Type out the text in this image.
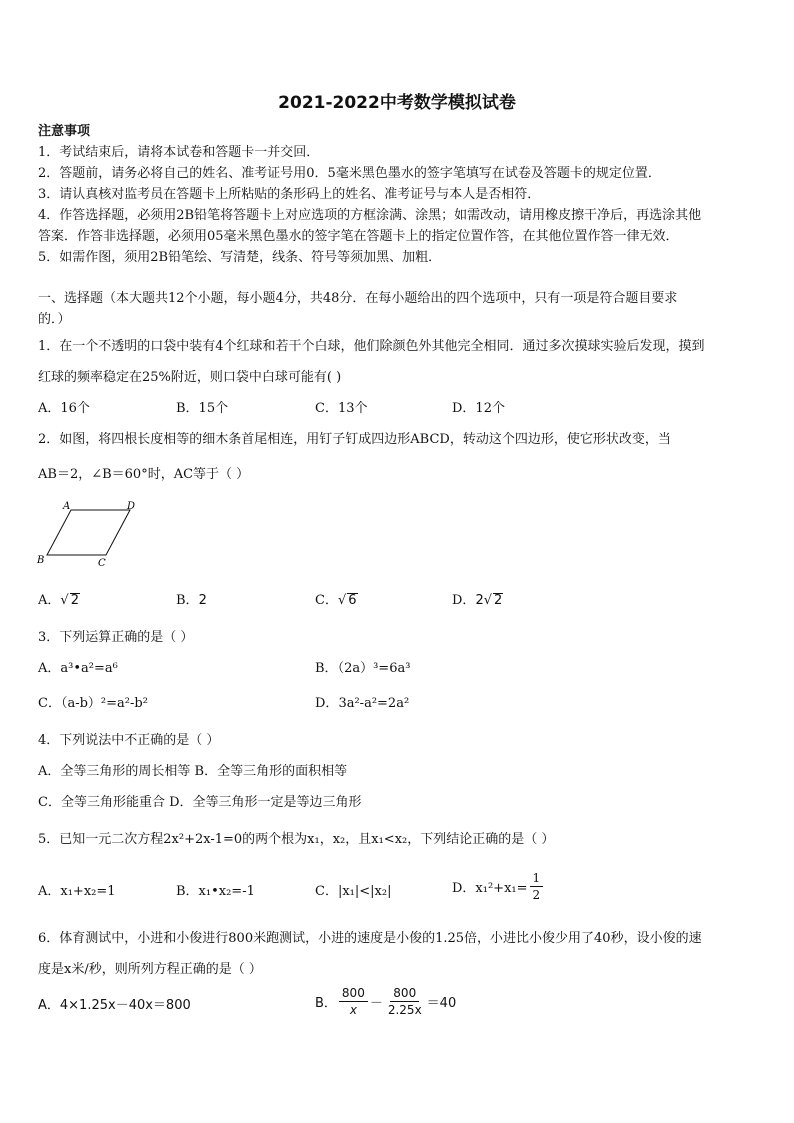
2021-2022中考数学模拟试卷
注意事项
1．考试结束后，请将本试卷和答题卡一并交回．
2．答题前，请务必将自己的姓名、准考证号用0．5毫米黑色墨水的签字笔填写在试卷及答题卡的规定位置．
3．请认真核对监考员在答题卡上所粘贴的条形码上的姓名、准考证号与本人是否相符．
4．作答选择题，必须用2B铅笔将答题卡上对应选项的方框涂满、涂黑；如需改动，请用橡皮擦干净后，再选涂其他
答案．作答非选择题，必须用05毫米黑色墨水的签字笔在答题卡上的指定位置作答，在其他位置作答一律无效．
5．如需作图，须用2B铅笔绘、写清楚，线条、符号等须加黑、加粗．
一、选择题（本大题共12个小题，每小题4分，共48分．在每小题给出的四个选项中，只有一项是符合题目要求
的．）
1．在一个不透明的口袋中装有4个红球和若干个白球，他们除颜色外其他完全相同．通过多次摸球实验后发现，摸到
红球的频率稳定在25%附近，则口袋中白球可能有( )
A．16个	B．15个	C．13个	D．12个
2．如图，将四根长度相等的细木条首尾相连，用钉子钉成四边形ABCD，转动这个四边形，使它形状改变，当
AB＝2，∠B＝60°时，AC等于（ ）
A	D
B	C
A．√ 2	B．2	C．√ 6	D．2√ 2
3．下列运算正确的是（ ）
A．a³•a²=a⁶	B．（2a）³=6a³
C．（a-b）²=a²-b²	D．3a²-a²=2a²
4．下列说法中不正确的是（ ）
A．全等三角形的周长相等 B．全等三角形的面积相等
C．全等三角形能重合 D．全等三角形一定是等边三角形
5．已知一元二次方程2x²+2x-1=0的两个根为x₁，x₂，且x₁<x₂，下列结论正确的是（ ）
A．x₁+x₂=1	B．x₁•x₂=-1	C．|x₁|<|x₂|	D．$x_1^2+x_1= \frac{1}{2}$
6．体育测试中，小进和小俊进行800米跑测试，小进的速度是小俊的1.25倍，小进比小俊少用了40秒，设小俊的速
度是x米/秒，则所列方程正确的是（ ）
A．4×1.25x－40x＝800	B． $\frac{800}{x} - \frac{800}{2.25x} =40$
